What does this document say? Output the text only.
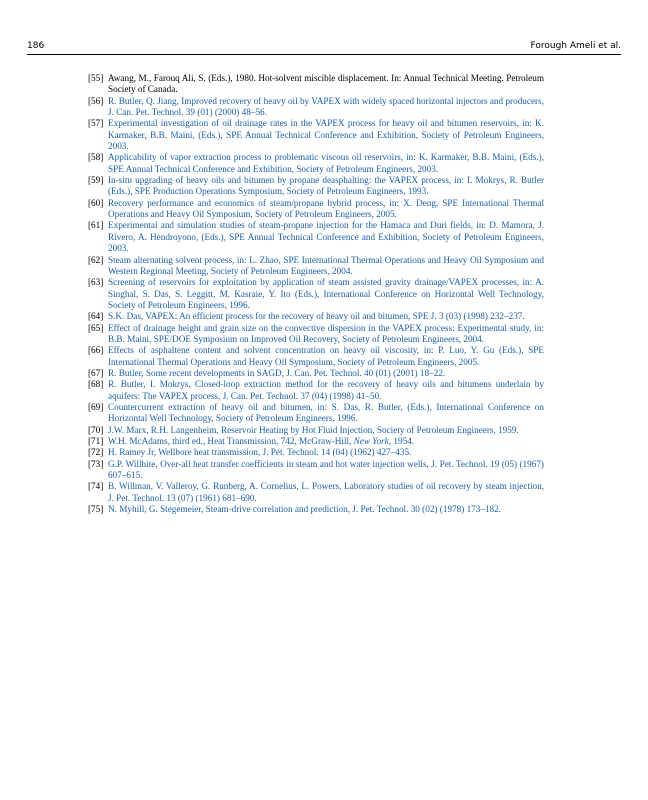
186	Forough Ameli et al.
[55] Awang, M., Farouq Ali, S. (Eds.), 1980. Hot-solvent miscible displacement. In: Annual Technical Meeting. Petroleum Society of Canada.
[56] R. Butler, Q. Jiang, Improved recovery of heavy oil by VAPEX with widely spaced horizontal injectors and producers, J. Can. Pet. Technol. 39 (01) (2000) 48–56.
[57] Experimental investigation of oil drainage rates in the VAPEX process for heavy oil and bitumen reservoirs, in: K. Karmaker, B.B. Maini, (Eds.), SPE Annual Technical Conference and Exhibition, Society of Petroleum Engineers, 2003.
[58] Applicability of vapor extraction process to problematic viscous oil reservoirs, in: K. Karmaker, B.B. Maini, (Eds.), SPE Annual Technical Conference and Exhibition, Society of Petroleum Engineers, 2003.
[59] In-situ upgrading of heavy oils and bitumen by propane deasphalting: the VAPEX process, in: I. Mokrys, R. Butler (Eds.), SPE Production Operations Symposium, Society of Petroleum Engineers, 1993.
[60] Recovery performance and economics of steam/propane hybrid process, in: X. Deng, SPE International Thermal Operations and Heavy Oil Symposium, Society of Petroleum Engineers, 2005.
[61] Experimental and simulation studies of steam-propane injection for the Hamaca and Duri fields, in: D. Mamora, J. Rivero, A. Hendroyono, (Eds.), SPE Annual Technical Conference and Exhibition, Society of Petroleum Engineers, 2003.
[62] Steam alternating solvent process, in: L. Zhao, SPE International Thermal Operations and Heavy Oil Symposium and Western Regional Meeting, Society of Petroleum Engineers, 2004.
[63] Screening of reservoirs for exploitation by application of steam assisted gravity drainage/VAPEX processes, in: A. Singhal, S. Das, S. Leggitt, M. Kasraie, Y. Ito (Eds.), International Conference on Horizontal Well Technology, Society of Petroleum Engineers, 1996.
[64] S.K. Das, VAPEX: An efficient process for the recovery of heavy oil and bitumen, SPE J. 3 (03) (1998) 232–237.
[65] Effect of drainage height and grain size on the convective dispersion in the VAPEX process: Experimental study, in: B.B. Maini, SPE/DOE Symposium on Improved Oil Recovery, Society of Petroleum Engineers, 2004.
[66] Effects of asphaltene content and solvent concentration on heavy oil viscosity, in: P. Luo, Y. Gu (Eds.), SPE International Thermal Operations and Heavy Oil Symposium, Society of Petroleum Engineers, 2005.
[67] R. Butler, Some recent developments in SAGD, J. Can. Pet. Technol. 40 (01) (2001) 18–22.
[68] R. Butler, I. Mokrys, Closed-loop extraction method for the recovery of heavy oils and bitumens underlain by aquifers: The VAPEX process, J. Can. Pet. Technol. 37 (04) (1998) 41–50.
[69] Countercurrent extraction of heavy oil and bitumen, in: S. Das, R. Butler, (Eds.), International Conference on Horizontal Well Technology, Society of Petroleum Engineers, 1996.
[70] J.W. Marx, R.H. Langenheim, Reservoir Heating by Hot Fluid Injection, Society of Petroleum Engineers, 1959.
[71] W.H. McAdams, third ed., Heat Transmission, 742, McGraw-Hill, New York, 1954.
[72] H. Ramey Jr, Wellbore heat transmission, J. Pet. Technol. 14 (04) (1962) 427–435.
[73] G.P. Willhite, Over-all heat transfer coefficients in steam and hot water injection wells, J. Pet. Technol. 19 (05) (1967) 607–615.
[74] B. Willman, V. Valleroy, G. Runberg, A. Cornelius, L. Powers, Laboratory studies of oil recovery by steam injection, J. Pet. Technol. 13 (07) (1961) 681–690.
[75] N. Myhill, G. Stegemeier, Steam-drive correlation and prediction, J. Pet. Technol. 30 (02) (1978) 173–182.
